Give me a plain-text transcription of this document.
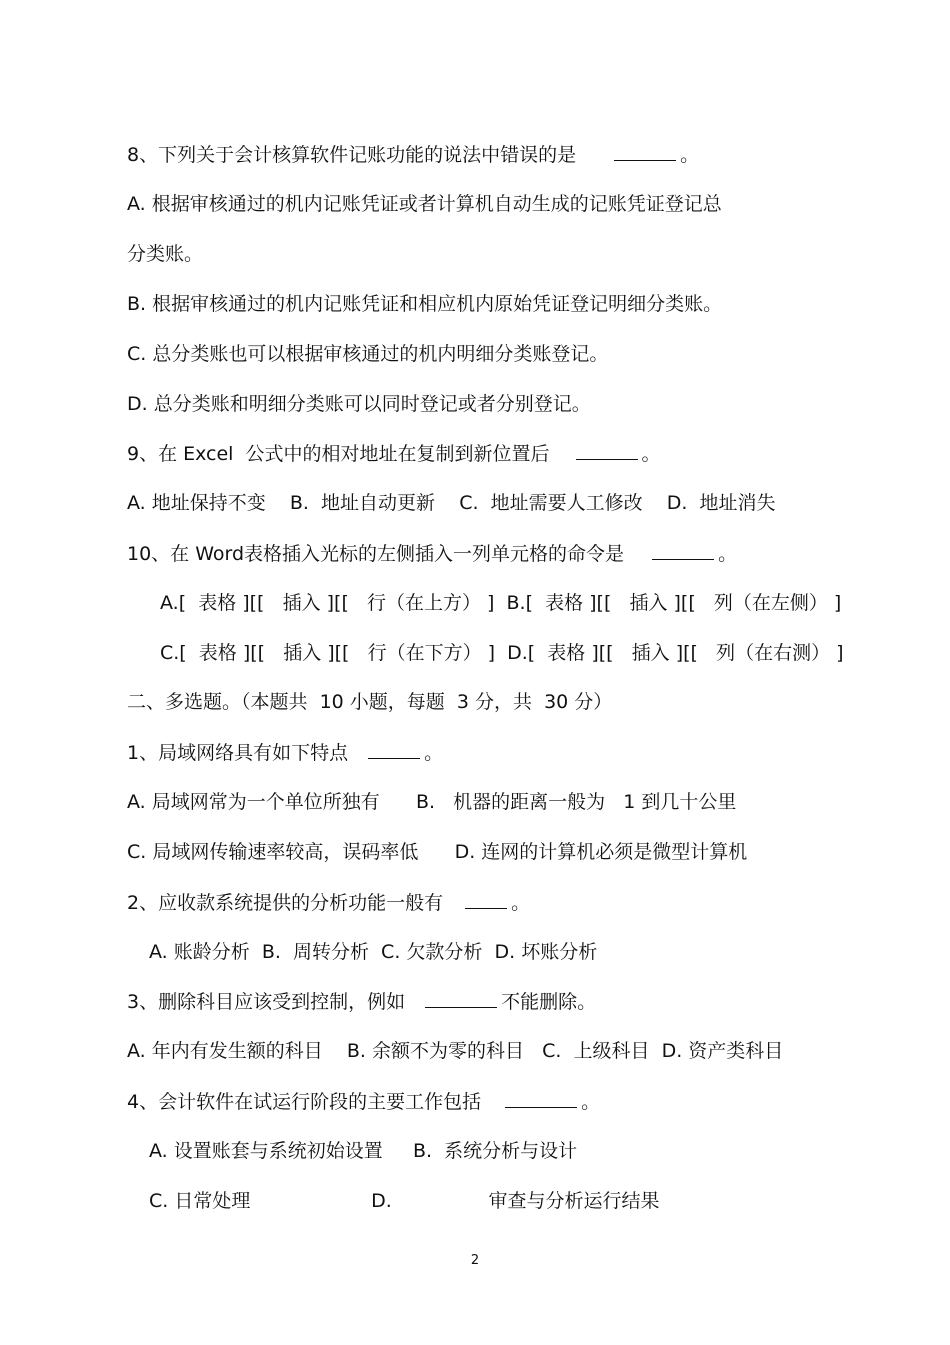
8、下列关于会计核算软件记账功能的说法中错误的是	。
A. 根据审核通过的机内记账凭证或者计算机自动生成的记账凭证登记总
分类账。
B. 根据审核通过的机内记账凭证和相应机内原始凭证登记明细分类账。
C. 总分类账也可以根据审核通过的机内明细分类账登记。
D. 总分类账和明细分类账可以同时登记或者分别登记。
9、在 Excel  公式中的相对地址在复制到新位置后	。
A. 地址保持不变    B.  地址自动更新    C.  地址需要人工修改    D.  地址消失
10、在 Word表格插入光标的左侧插入一列单元格的命令是	。
A.[  表格 ][[   插入 ][[   行（在上方） ]  B.[  表格 ][[   插入 ][[   列（在左侧） ]
C.[  表格 ][[   插入 ][[   行（在下方） ]  D.[  表格 ][[   插入 ][[   列（在右测） ]
二、多选题。（本题共  10 小题，每题  3 分，共  30 分）
1、局域网络具有如下特点	。
A. 局域网常为一个单位所独有      B.   机器的距离一般为   1 到几十公里
C. 局域网传输速率较高，误码率低      D. 连网的计算机必须是微型计算机
2、应收款系统提供的分析功能一般有	。
A. 账龄分析  B.  周转分析  C. 欠款分析  D. 坏账分析
3、删除科目应该受到控制，例如	不能删除。
A. 年内有发生额的科目    B. 余额不为零的科目   C.  上级科目  D. 资产类科目
4、会计软件在试运行阶段的主要工作包括	。
A. 设置账套与系统初始设置     B.  系统分析与设计
C. 日常处理                    D.                审查与分析运行结果
2
